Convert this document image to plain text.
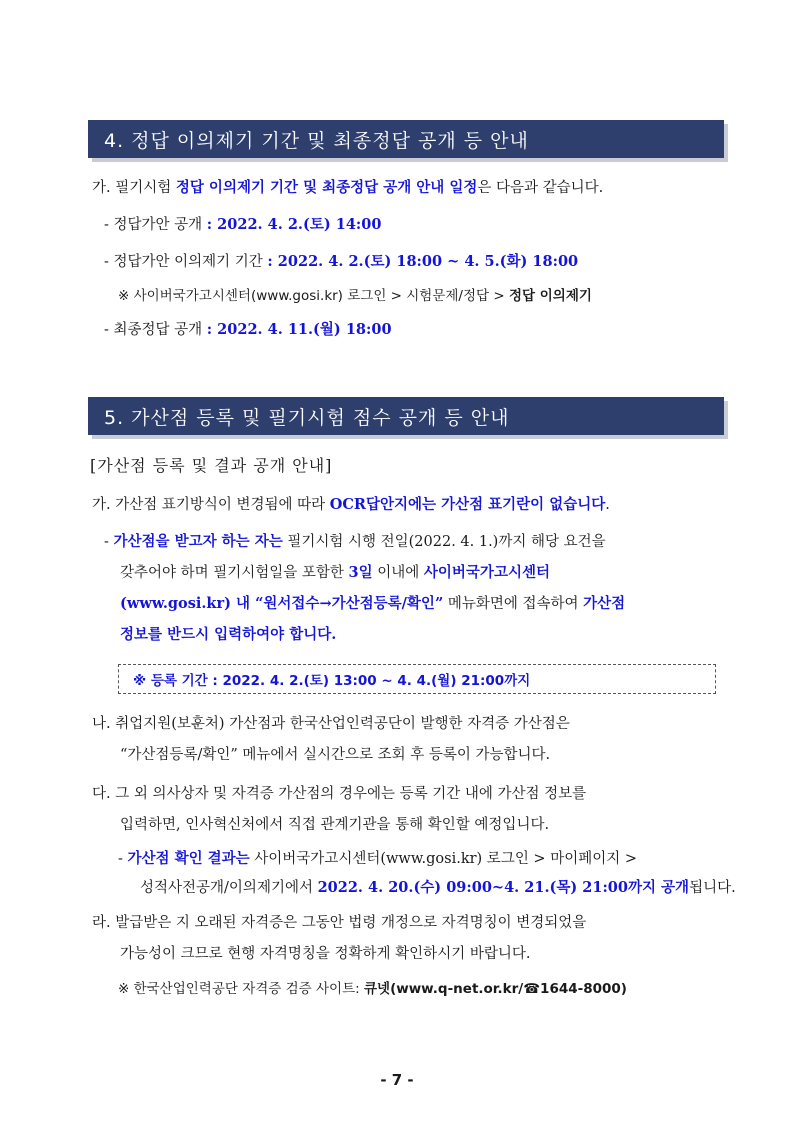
4. 정답 이의제기 기간 및 최종정답 공개 등 안내
가. 필기시험 정답 이의제기 기간 및 최종정답 공개 안내 일정은 다음과 같습니다.
- 정답가안 공개 : 2022. 4. 2.(토) 14:00
- 정답가안 이의제기 기간 : 2022. 4. 2.(토) 18:00 ~ 4. 5.(화) 18:00
※ 사이버국가고시센터(www.gosi.kr) 로그인 > 시험문제/정답 > 정답 이의제기
- 최종정답 공개 : 2022. 4. 11.(월) 18:00
5. 가산점 등록 및 필기시험 점수 공개 등 안내
[가산점 등록 및 결과 공개 안내]
가. 가산점 표기방식이 변경됨에 따라 OCR답안지에는 가산점 표기란이 없습니다.
- 가산점을 받고자 하는 자는 필기시험 시행 전일(2022. 4. 1.)까지 해당 요건을
갖추어야 하며 필기시험일을 포함한 3일 이내에 사이버국가고시센터
(www.gosi.kr) 내 “원서접수→가산점등록/확인” 메뉴화면에 접속하여 가산점
정보를 반드시 입력하여야 합니다.
※ 등록 기간 : 2022. 4. 2.(토) 13:00 ~ 4. 4.(월) 21:00까지
나. 취업지원(보훈처) 가산점과 한국산업인력공단이 발행한 자격증 가산점은
“가산점등록/확인” 메뉴에서 실시간으로 조회 후 등록이 가능합니다.
다. 그 외 의사상자 및 자격증 가산점의 경우에는 등록 기간 내에 가산점 정보를
입력하면, 인사혁신처에서 직접 관계기관을 통해 확인할 예정입니다.
- 가산점 확인 결과는 사이버국가고시센터(www.gosi.kr) 로그인 > 마이페이지 >
성적사전공개/이의제기에서 2022. 4. 20.(수) 09:00~4. 21.(목) 21:00까지 공개됩니다.
라. 발급받은 지 오래된 자격증은 그동안 법령 개정으로 자격명칭이 변경되었을
가능성이 크므로 현행 자격명칭을 정확하게 확인하시기 바랍니다.
※ 한국산업인력공단 자격증 검증 사이트: 큐넷(www.q-net.or.kr/☎1644-8000)
- 7 -
